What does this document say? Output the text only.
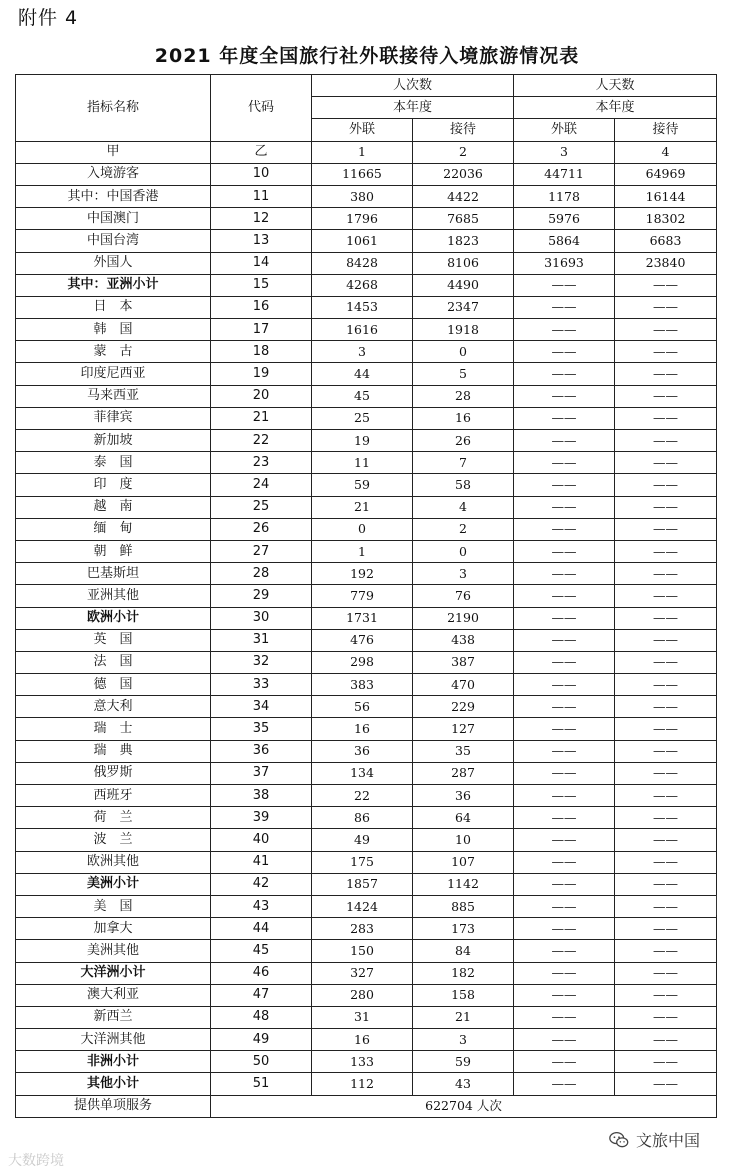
附件 4
2021 年度全国旅行社外联接待入境旅游情况表
指标名称	代码	人次数		人天数	
		本年度		本年度	
		外联	接待	外联	接待
甲	乙	1	2	3	4
入境游客	10	11665	22036	44711	64969
其中：中国香港	11	380	4422	1178	16144
中国澳门	12	1796	7685	5976	18302
中国台湾	13	1061	1823	5864	6683
外国人	14	8428	8106	31693	23840
其中：亚洲小计	15	4268	4490	——	——
日　本	16	1453	2347	——	——
韩　国	17	1616	1918	——	——
蒙　古	18	3	0	——	——
印度尼西亚	19	44	5	——	——
马来西亚	20	45	28	——	——
菲律宾	21	25	16	——	——
新加坡	22	19	26	——	——
泰　国	23	11	7	——	——
印　度	24	59	58	——	——
越　南	25	21	4	——	——
缅　甸	26	0	2	——	——
朝　鲜	27	1	0	——	——
巴基斯坦	28	192	3	——	——
亚洲其他	29	779	76	——	——
欧洲小计	30	1731	2190	——	——
英　国	31	476	438	——	——
法　国	32	298	387	——	——
德　国	33	383	470	——	——
意大利	34	56	229	——	——
瑞　士	35	16	127	——	——
瑞　典	36	36	35	——	——
俄罗斯	37	134	287	——	——
西班牙	38	22	36	——	——
荷　兰	39	86	64	——	——
波　兰	40	49	10	——	——
欧洲其他	41	175	107	——	——
美洲小计	42	1857	1142	——	——
美　国	43	1424	885	——	——
加拿大	44	283	173	——	——
美洲其他	45	150	84	——	——
大洋洲小计	46	327	182	——	——
澳大利亚	47	280	158	——	——
新西兰	48	31	21	——	——
大洋洲其他	49	16	3	——	——
非洲小计	50	133	59	——	——
其他小计	51	112	43	——	——
提供单项服务	622704 人次				
大数跨境
文旅中国
